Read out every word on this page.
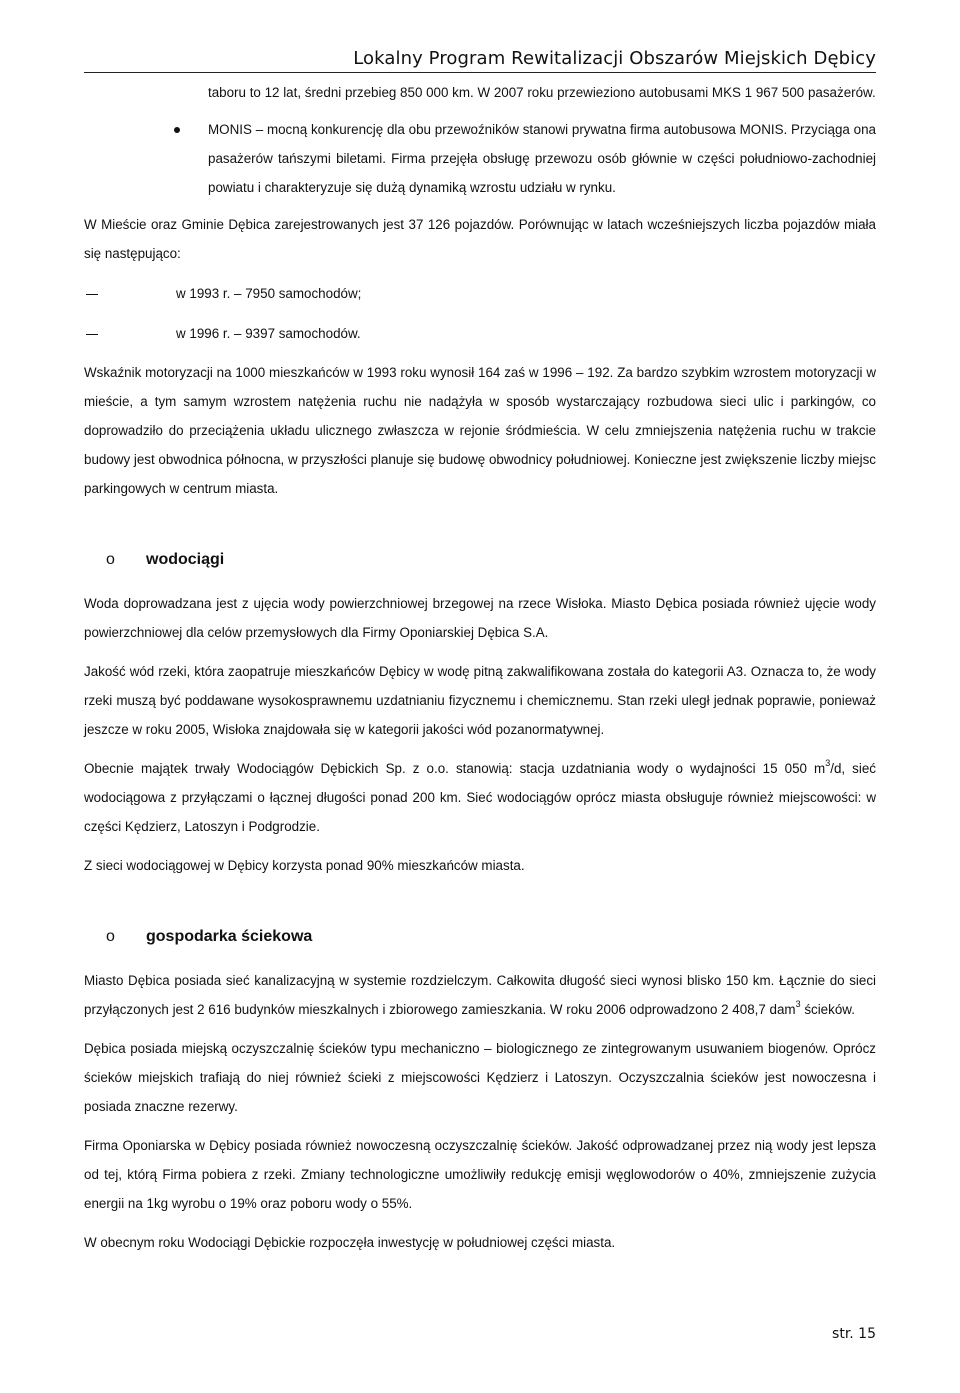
Lokalny Program Rewitalizacji Obszarów Miejskich Dębicy
taboru to 12 lat, średni przebieg 850 000 km. W 2007 roku przewieziono autobusami MKS 1 967 500 pasażerów.
MONIS – mocną konkurencję dla obu przewoźników stanowi prywatna firma autobusowa MONIS. Przyciąga ona pasażerów tańszymi biletami. Firma przejęła obsługę przewozu osób głównie w części południowo-zachodniej powiatu i charakteryzuje się dużą dynamiką wzrostu udziału w rynku.

W Mieście oraz Gminie Dębica zarejestrowanych jest 37 126 pojazdów. Porównując w latach wcześniejszych liczba pojazdów miała się następująco:

w 1993 r. – 7950 samochodów;
w 1996 r. – 9397 samochodów.

Wskaźnik motoryzacji na 1000 mieszkańców w 1993 roku wynosił 164 zaś w 1996 – 192. Za bardzo szybkim wzrostem motoryzacji w mieście, a tym samym wzrostem natężenia ruchu nie nadążyła w sposób wystarczający rozbudowa sieci ulic i parkingów, co doprowadziło do przeciążenia układu ulicznego zwłaszcza w rejonie śródmieścia. W celu zmniejszenia natężenia ruchu w trakcie budowy jest obwodnica północna, w przyszłości planuje się budowę obwodnicy południowej. Konieczne jest zwiększenie liczby miejsc parkingowych w centrum miasta.

o wodociągi

Woda doprowadzana jest z ujęcia wody powierzchniowej brzegowej na rzece Wisłoka. Miasto Dębica posiada również ujęcie wody powierzchniowej dla celów przemysłowych dla Firmy Oponiarskiej Dębica S.A.

Jakość wód rzeki, która zaopatruje mieszkańców Dębicy w wodę pitną zakwalifikowana została do kategorii A3. Oznacza to, że wody rzeki muszą być poddawane wysokosprawnemu uzdatnianiu fizycznemu i chemicznemu. Stan rzeki uległ jednak poprawie, ponieważ jeszcze w roku 2005, Wisłoka znajdowała się w kategorii jakości wód pozanormatywnej.

Obecnie majątek trwały Wodociągów Dębickich Sp. z o.o. stanowią: stacja uzdatniania wody o wydajności 15 050 $m^3/d$, sieć wodociągowa z przyłączami o łącznej długości ponad 200 km. Sieć wodociągów oprócz miasta obsługuje również miejscowości: w części Kędzierz, Latoszyn i Podgrodzie.

Z sieci wodociągowej w Dębicy korzysta ponad 90% mieszkańców miasta.

o gospodarka ściekowa

Miasto Dębica posiada sieć kanalizacyjną w systemie rozdzielczym. Całkowita długość sieci wynosi blisko 150 km. Łącznie do sieci przyłączonych jest 2 616 budynków mieszkalnych i zbiorowego zamieszkania. W roku 2006 odprowadzono 2 408,7 dam$^3$ ścieków.

Dębica posiada miejską oczyszczalnię ścieków typu mechaniczno – biologicznego ze zintegrowanym usuwaniem biogenów. Oprócz ścieków miejskich trafiają do niej również ścieki z miejscowości Kędzierz i Latoszyn. Oczyszczalnia ścieków jest nowoczesna i posiada znaczne rezerwy.

Firma Oponiarska w Dębicy posiada również nowoczesną oczyszczalnię ścieków. Jakość odprowadzanej przez nią wody jest lepsza od tej, którą Firma pobiera z rzeki. Zmiany technologiczne umożliwiły redukcję emisji węglowodorów o 40%, zmniejszenie zużycia energii na 1kg wyrobu o 19% oraz poboru wody o 55%.

W obecnym roku Wodociągi Dębickie rozpoczęła inwestycję w południowej części miasta.

str. 15
